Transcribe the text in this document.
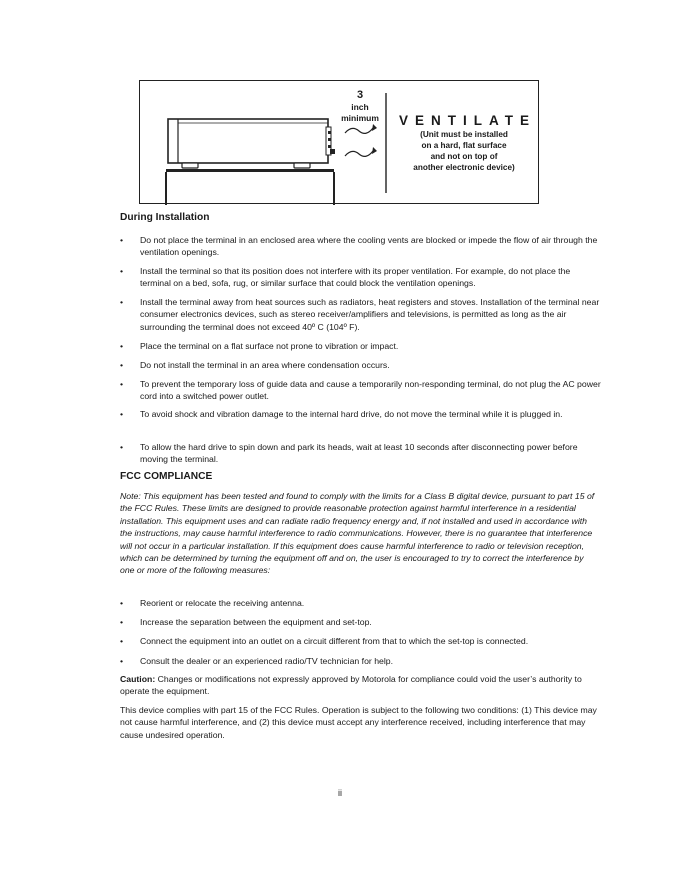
3
inch
minimum	VENTILATE
(Unit must be installed
on a hard, flat surface
and not on top of
another electronic device)
During Installation
• Do not place the terminal in an enclosed area where the cooling vents are blocked or impede the flow of air through the ventilation openings.
• Install the terminal so that its position does not interfere with its proper ventilation. For example, do not place the terminal on a bed, sofa, rug, or similar surface that could block the ventilation openings.
• Install the terminal away from heat sources such as radiators, heat registers and stoves. Installation of the terminal near consumer electronics devices, such as stereo receiver/amplifiers and televisions, is permitted as long as the air surrounding the terminal does not exceed 40º C (104º F).
• Place the terminal on a flat surface not prone to vibration or impact.
• Do not install the terminal in an area where condensation occurs.
• To prevent the temporary loss of guide data and cause a temporarily non-responding terminal, do not plug the AC power cord into a switched power outlet.
• To avoid shock and vibration damage to the internal hard drive, do not move the terminal while it is plugged in.
• To allow the hard drive to spin down and park its heads, wait at least 10 seconds after disconnecting power before moving the terminal.
FCC COMPLIANCE
Note: This equipment has been tested and found to comply with the limits for a Class B digital device, pursuant to part 15 of the FCC Rules. These limits are designed to provide reasonable protection against harmful interference in a residential installation. This equipment uses and can radiate radio frequency energy and, if not installed and used in accordance with the instructions, may cause harmful interference to radio communications. However, there is no guarantee that interference will not occur in a particular installation. If this equipment does cause harmful interference to radio or television reception, which can be determined by turning the equipment off and on, the user is encouraged to try to correct the interference by one or more of the following measures:
• Reorient or relocate the receiving antenna.
• Increase the separation between the equipment and set-top.
• Connect the equipment into an outlet on a circuit different from that to which the set-top is connected.
• Consult the dealer or an experienced radio/TV technician for help.
Caution: Changes or modifications not expressly approved by Motorola for compliance could void the user’s authority to operate the equipment.
This device complies with part 15 of the FCC Rules. Operation is subject to the following two conditions: (1) This device may not cause harmful interference, and (2) this device must accept any interference received, including interference that may cause undesired operation.
ii
